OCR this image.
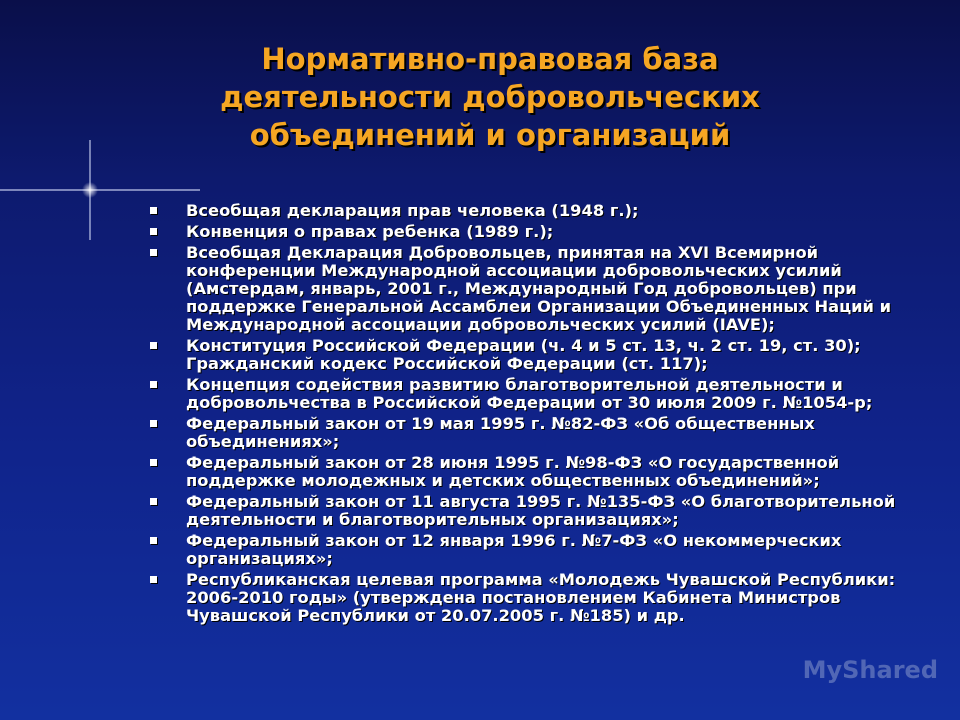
Нормативно-правовая база
деятельности добровольческих
объединений и организаций
Всеобщая декларация прав человека (1948 г.);
Конвенция о правах ребенка (1989 г.);
Всеобщая Декларация Добровольцев, принятая на XVI Всемирной конференции Международной ассоциации добровольческих усилий (Амстердам, январь, 2001 г., Международный Год добровольцев) при поддержке Генеральной Ассамблеи Организации Объединенных Наций и Международной ассоциации добровольческих усилий (IAVE);
Конституция Российской Федерации (ч. 4 и 5 ст. 13, ч. 2 ст. 19, ст. 30); Гражданский кодекс Российской Федерации (ст. 117);
Концепция содействия развитию благотворительной деятельности и добровольчества в Российской Федерации от 30 июля 2009 г. №1054-р;
Федеральный закон от 19 мая 1995 г. №82-ФЗ «Об общественных объединениях»;
Федеральный закон от 28 июня 1995 г. №98-ФЗ «О государственной поддержке молодежных и детских общественных объединений»;
Федеральный закон от 11 августа 1995 г. №135-ФЗ «О благотворительной деятельности и благотворительных организациях»;
Федеральный закон от 12 января 1996 г. №7-ФЗ «О некоммерческих организациях»;
Республиканская целевая программа «Молодежь Чувашской Республики: 2006-2010 годы» (утверждена постановлением Кабинета Министров Чувашской Республики от 20.07.2005 г. №185) и др.
MyShared
